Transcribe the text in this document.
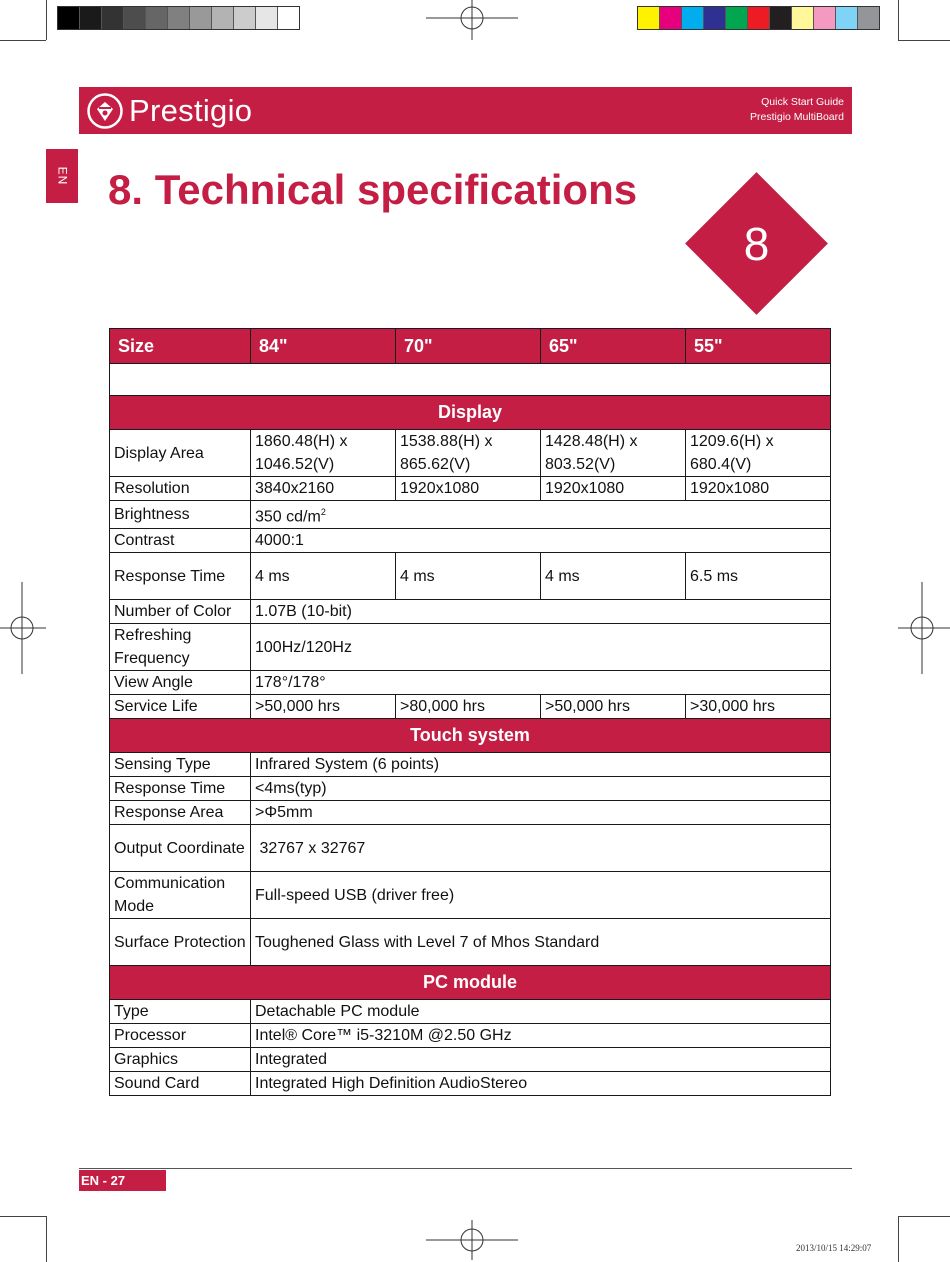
Prestigio	Quick Start Guide
Prestigio MultiBoard
EN 8. Technical specifications
8
Size	84"	70"	65"	55"

Display				
Display Area	1860.48(H) x 1046.52(V)	1538.88(H) x 865.62(V)	1428.48(H) x 803.52(V)	1209.6(H) x 680.4(V)
Resolution	3840x2160	1920x1080	1920x1080	1920x1080
Brightness	350 $cd/m^2$
Contrast	4000:1			
Response Time	4 ms	4 ms	4 ms	6.5 ms
Number of Color	1.07B (10-bit)			
Refreshing Frequency	100Hz/120Hz			
View Angle	178°/178°			
Service Life	>50,000 hrs	>80,000 hrs	>50,000 hrs	>30,000 hrs
Touch system				
Sensing Type	Infrared System (6 points)			
Response Time	<4ms(typ)			
Response Area	>Φ5mm			
Output Coordinate	32767 x 32767			
Communication Mode	Full-speed USB (driver free)			
Surface Protection	Toughened Glass with Level 7 of Mhos Standard			
PC module				
Type	Detachable PC module			
Processor	Intel® Core™ i5-3210M @2.50 GHz			
Graphics	Integrated			
Sound Card	Integrated High Definition AudioStereo			
EN - 27
2013/10/15 14:29:07
